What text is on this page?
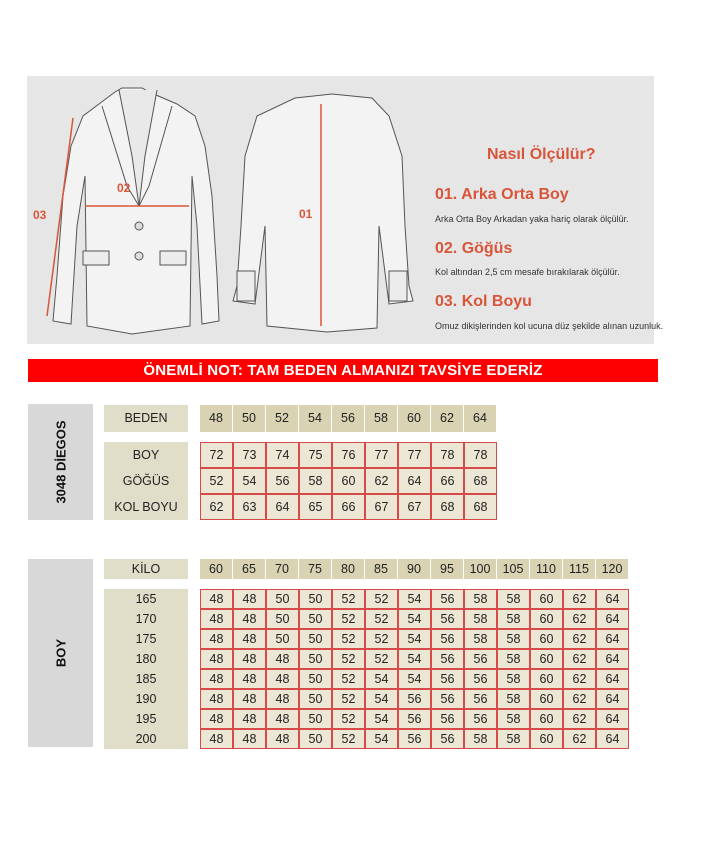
02
03	01
Nasıl Ölçülür?
01. Arka Orta Boy
Arka Orta Boy Arkadan yaka hariç olarak ölçülür.
02. Göğüs
Kol altından 2,5 cm mesafe bırakılarak ölçülür.
03. Kol Boyu
Omuz dikişlerinden kol ucuna düz şekilde alınan uzunluk.
ÖNEMLİ NOT: TAM BEDEN ALMANIZI TAVSİYE EDERİZ
3048 DİEGOS
BOY
BEDEN	48	50	52	54	56	58	60	62	64
BOY	72	73	74	75	76	77	77	78	78
GÖĞÜS	52	54	56	58	60	62	64	66	68
KOL BOYU	62	63	64	65	66	67	67	68	68
KİLO	60	65	70	75	80	85	90	95	100 105	110	115	120
165	48	48	50	50	52	52	54	56	58	58	60	62	64
170	48	48	50	50	52	52	54	56	58	58	60	62	64
175	48	48	50	50	52	52	54	56	58	58	60	62	64
180	48	48	48	50	52	52	54	56	56	58	60	62	64
185	48	48	48	50	52	54	54	56	56	58	60	62	64
190	48	48	48	50	52	54	56	56	56	58	60	62	64
195	48	48	48	50	52	54	56	56	56	58	60	62	64
200	48	48	48	50	52	54	56	56	58	58	60	62	64
